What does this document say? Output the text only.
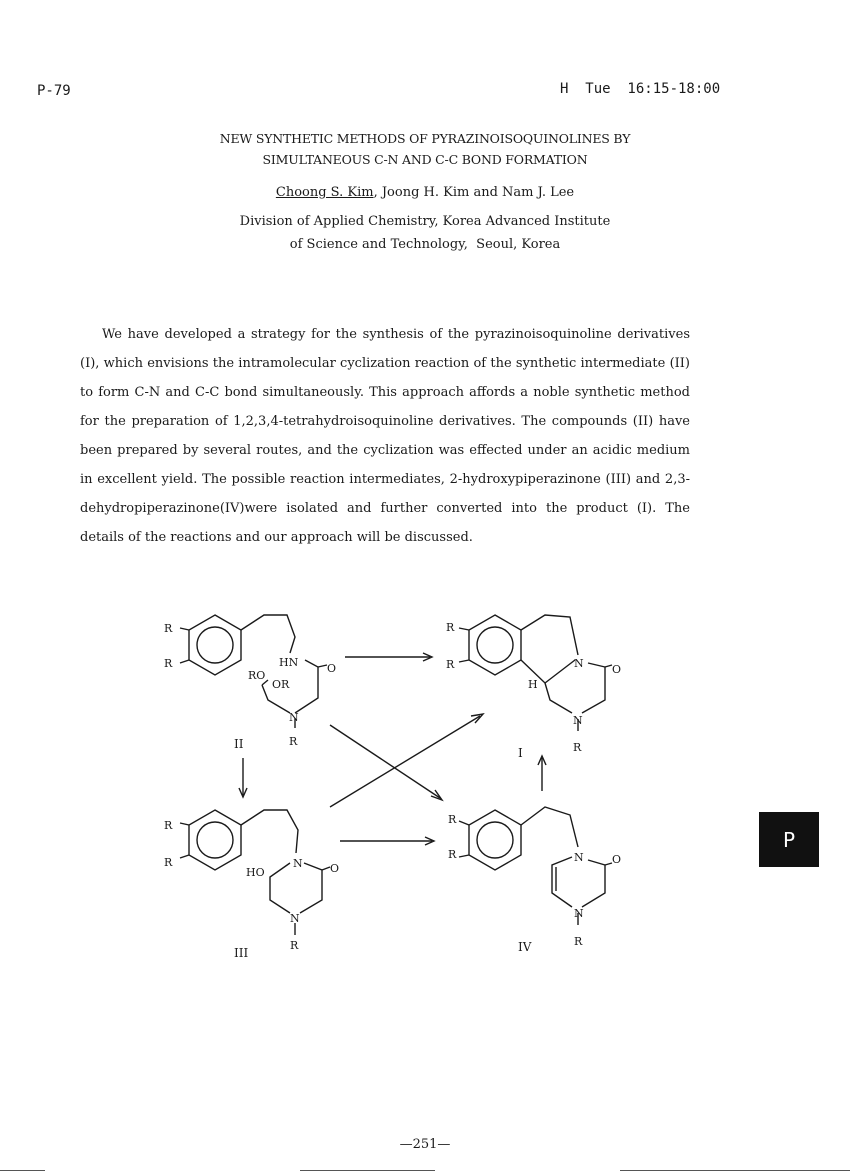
P-79	H  Tue  16:15-18:00
NEW SYNTHETIC METHODS OF PYRAZINOISOQUINOLINES BY
SIMULTANEOUS C-N AND C-C BOND FORMATION
Choong S. Kim, Joong H. Kim and Nam J. Lee
Division of Applied Chemistry, Korea Advanced Institute
of Science and Technology,  Seoul, Korea

We have developed a strategy for the synthesis of the pyrazinoisoquinoline derivatives (I), which envisions the intramolecular cyclization reaction of the synthetic intermediate (II) to form C-N and C-C bond simultaneously. This approach affords a noble synthetic method for the preparation of 1,2,3,4-tetrahydroisoquinoline derivatives. The compounds (II) have been prepared by several routes, and the cyclization was effected under an acidic medium in excellent yield. The possible reaction intermediates, 2-hydroxypiperazinone (III) and 2,3-dehydropiperazinone(IV)were isolated and further converted into the product (I). The details of the reactions and our approach will be discussed.

R
R	HN	O
RO
OR
N
R
II
R
R	N	O
H
N
R
I
R
R
HO
N O
N
R
III
R
R	N	O
N
R
IV
P
—251—
